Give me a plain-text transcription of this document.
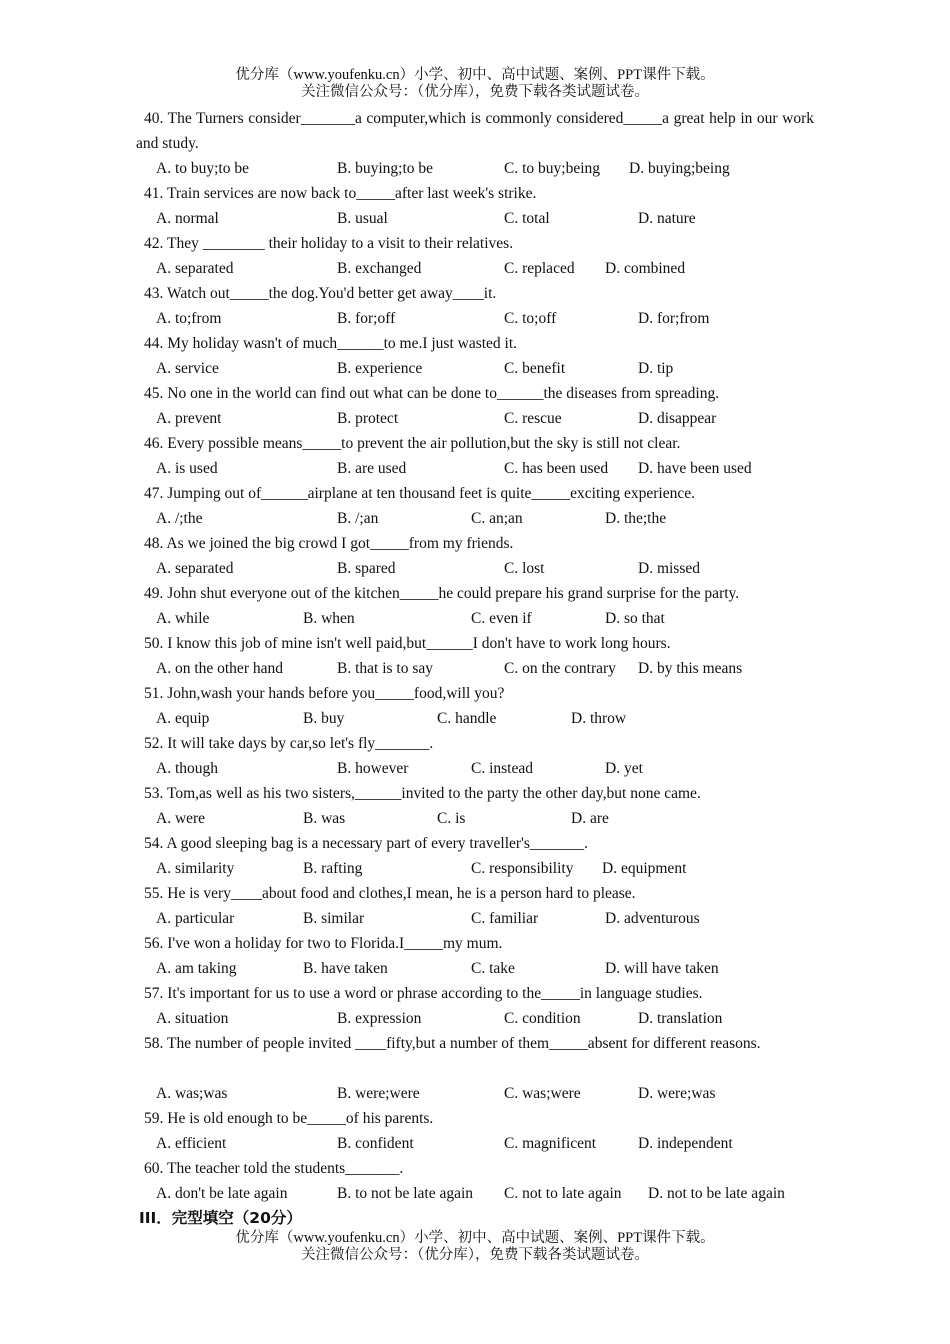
优分库（www.youfenku.cn）小学、初中、高中试题、案例、PPT课件下载。
关注微信公众号：（优分库），免费下载各类试题试卷。
40. The Turners consider_______a computer,which is commonly considered_____a great help in our work and study.
A. to buy;to be	B. buying;to be	C. to buy;being D. buying;being
41. Train services are now back to_____after last week's strike.
A. normal	B. usual	C. total	D. nature
42. They ________ their holiday to a visit to their relatives.
A. separated	B. exchanged	C. replaced D. combined
43. Watch out_____the dog.You'd better get away____it.
A. to;from	B. for;off	C. to;off	D. for;from
44. My holiday wasn't of much______to me.I just wasted it.
A. service	B. experience	C. benefit	D. tip
45. No one in the world can find out what can be done to______the diseases from spreading.
A. prevent	B. protect	C. rescue	D. disappear
46. Every possible means_____to prevent the air pollution,but the sky is still not clear.
A. is used	B. are used	C. has been used D. have been used
47. Jumping out of______airplane at ten thousand feet is quite_____exciting experience.
A. /;the	B. /;an	C. an;an	D. the;the
48. As we joined the big crowd I got_____from my friends.
A. separated	B. spared	C. lost	D. missed
49. John shut everyone out of the kitchen_____he could prepare his grand surprise for the party.
A. while	B. when	C. even if	D. so that
50. I know this job of mine isn't well paid,but______I don't have to work long hours.
A. on the other hand	B. that is to say	C. on the contrary D. by this means
51. John,wash your hands before you_____food,will you?
A. equip	B. buy	C. handle	D. throw
52. It will take days by car,so let's fly_______.
A. though	B. however	C. instead	D. yet
53. Tom,as well as his two sisters,______invited to the party the other day,but none came.
A. were	B. was	C. is	D. are
54. A good sleeping bag is a necessary part of every traveller's_______.
A. similarity	B. rafting	C. responsibility D. equipment
55. He is very____about food and clothes,I mean, he is a person hard to please.
A. particular	B. similar	C. familiar	D. adventurous
56. I've won a holiday for two to Florida.I_____my mum.
A. am taking	B. have taken	C. take	D. will have taken
57. It's important for us to use a word or phrase according to the_____in language studies.
A. situation	B. expression	C. condition	D. translation
58. The number of people invited ____fifty,but a number of them_____absent for different reasons.
A. was;was	B. were;were	C. was;were	D. were;was
59. He is old enough to be_____of his parents.
A. efficient	B. confident	C. magnificent	D. independent
60. The teacher told the students_______.
A. don't be late again	B. to not be late again C. not to late again D. not to be late again
III．完型填空（20分）
优分库（www.youfenku.cn）小学、初中、高中试题、案例、PPT课件下载。
关注微信公众号：（优分库），免费下载各类试题试卷。
